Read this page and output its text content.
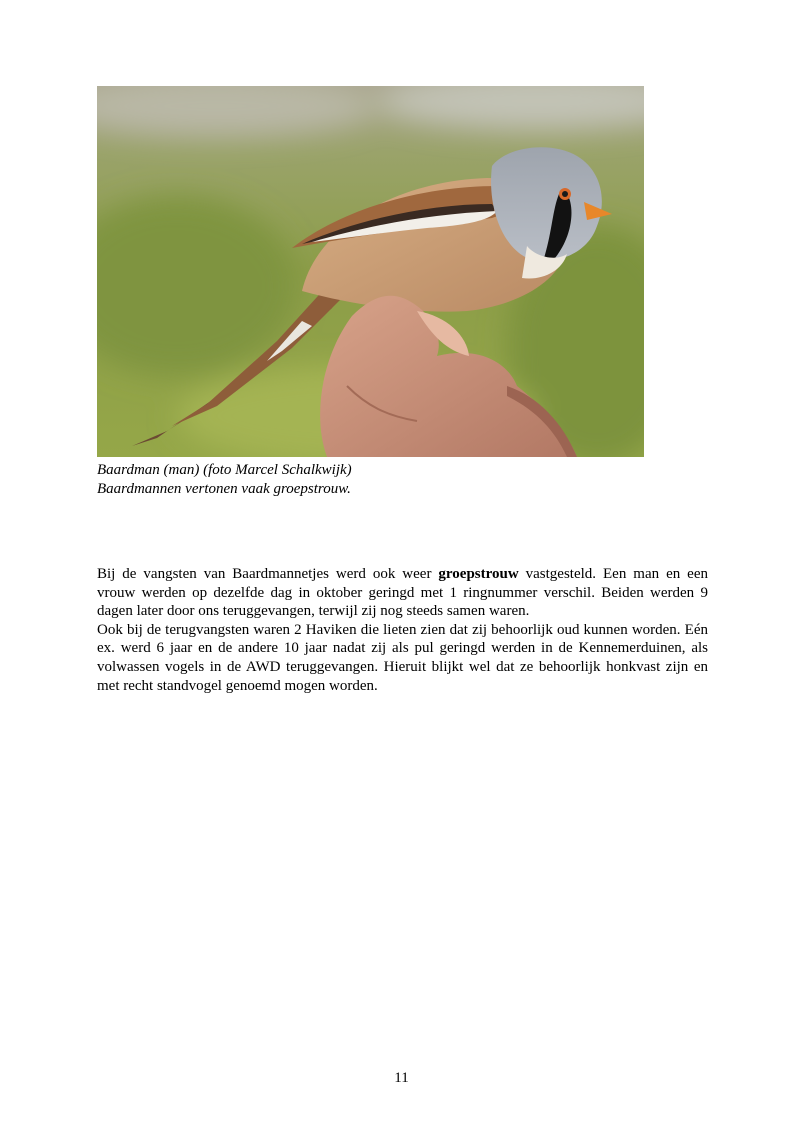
Baardman (man) (foto Marcel Schalkwijk)
Baardmannen vertonen vaak groepstrouw.

Bij de vangsten van Baardmannetjes werd ook weer groepstrouw vastgesteld. Een man en een vrouw werden op dezelfde dag in oktober geringd met 1 ringnummer verschil. Beiden werden 9 dagen later door ons teruggevangen, terwijl zij nog steeds samen waren.

Ook bij de terugvangsten waren 2 Haviken die lieten zien dat zij behoorlijk oud kunnen worden. Eén ex. werd 6 jaar en de andere 10 jaar nadat zij als pul geringd werden in de Kennemerduinen, als volwassen vogels in de AWD teruggevangen. Hieruit blijkt wel dat ze behoorlijk honkvast zijn en met recht standvogel genoemd mogen worden.

11
